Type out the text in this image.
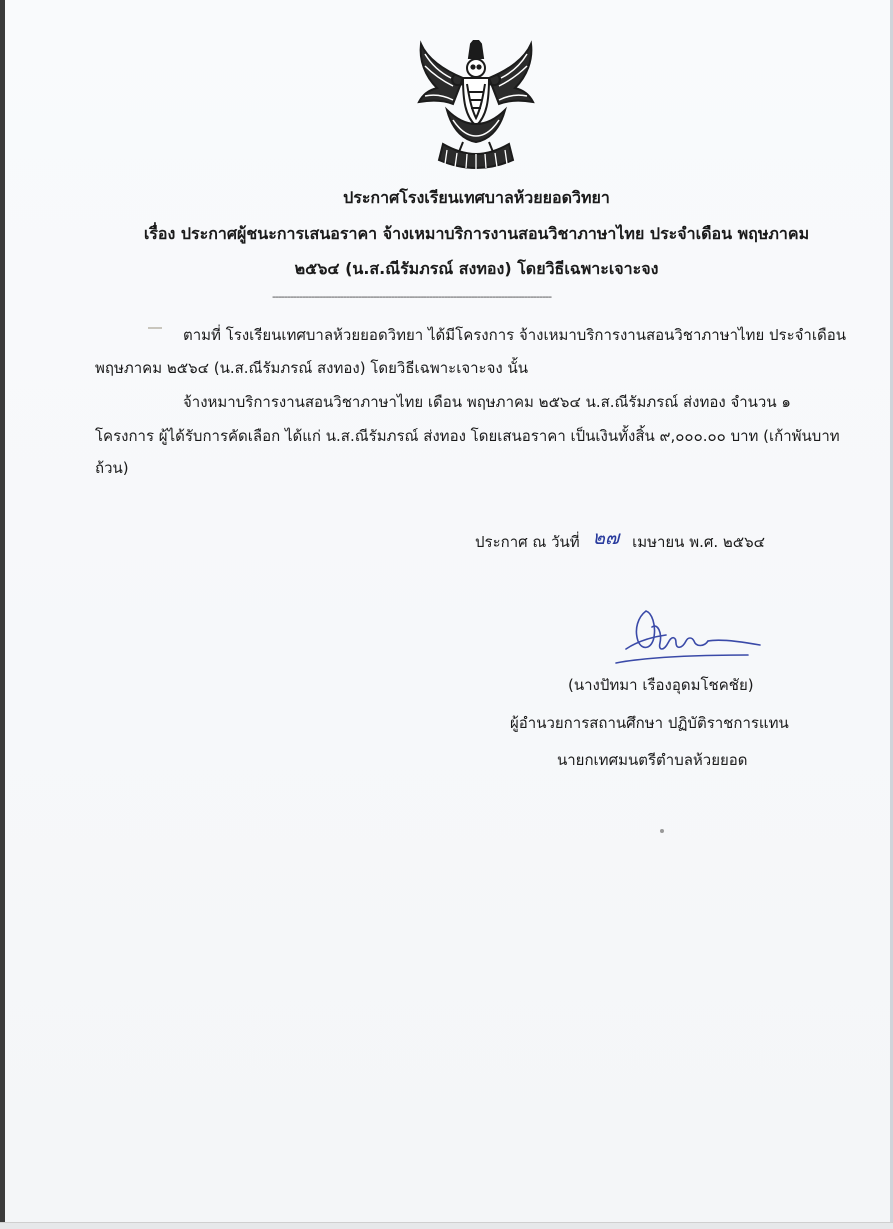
ประกาศโรงเรียนเทศบาลห้วยยอดวิทยา
เรื่อง ประกาศผู้ชนะการเสนอราคา จ้างเหมาบริการงานสอนวิชาภาษาไทย ประจำเดือน พฤษภาคม
๒๕๖๔ (น.ส.ณีรัมภรณ์ สงทอง) โดยวิธีเฉพาะเจาะจง
----------------------------------------------------------------------------------------------
ตามที่ โรงเรียนเทศบาลห้วยยอดวิทยา ได้มีโครงการ จ้างเหมาบริการงานสอนวิชาภาษาไทย ประจำเดือน
พฤษภาคม ๒๕๖๔ (น.ส.ณีรัมภรณ์ สงทอง) โดยวิธีเฉพาะเจาะจง นั้น
จ้างหมาบริการงานสอนวิชาภาษาไทย เดือน พฤษภาคม ๒๕๖๔ น.ส.ณีรัมภรณ์ ส่งทอง จำนวน ๑
โครงการ ผู้ได้รับการคัดเลือก ได้แก่ น.ส.ณีรัมภรณ์ ส่งทอง โดยเสนอราคา เป็นเงินทั้งสิ้น ๙,๐๐๐.๐๐ บาท (เก้าพันบาท
ถ้วน)
ประกาศ ณ วันที่ ๒๗ เมษายน พ.ศ. ๒๕๖๔
(นางปัทมา เรืองอุดมโชคชัย)
ผู้อำนวยการสถานศึกษา ปฏิบัติราชการแทน
นายกเทศมนตรีตำบลห้วยยอด
